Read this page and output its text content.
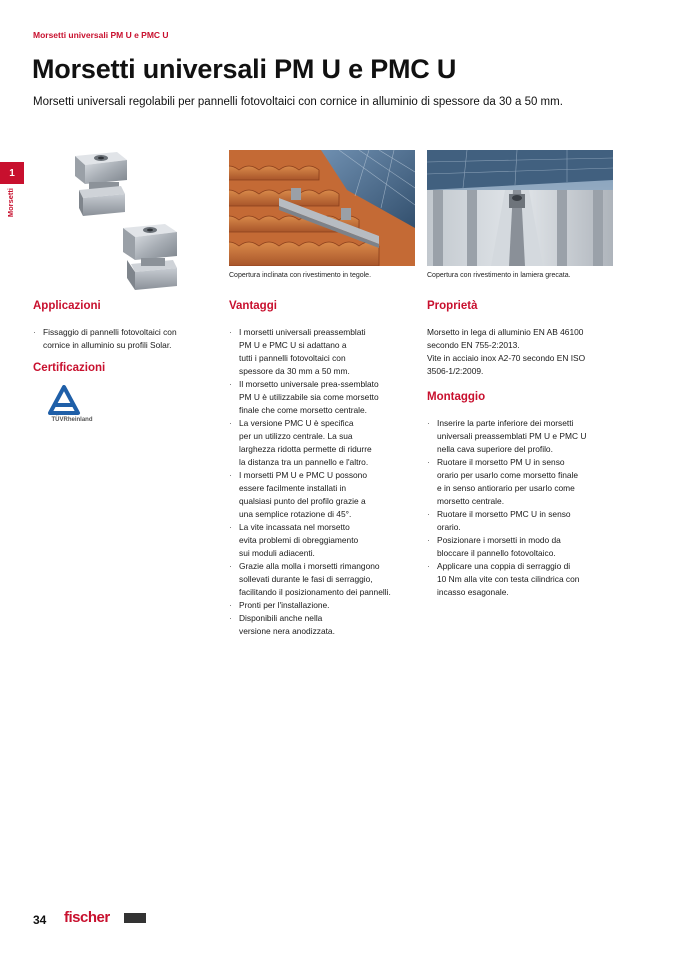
Morsetti universali PM U e PMC U
Morsetti universali PM U e PMC U

Morsetti universali regolabili per pannelli fotovoltaici con cornice in alluminio di spessore da 30 a 50 mm.

1
Morsetti
Copertura inclinata con rivestimento in tegole.	Copertura con rivestimento in lamiera grecata.
Applicazioni
· Fissaggio di pannelli fotovoltaici con
cornice in alluminio su profili Solar.
Certificazioni
TÜVRheinland
Vantaggi
· I morsetti universali preassemblati
PM U e PMC U si adattano a
tutti i pannelli fotovoltaici con
spessore da 30 mm a 50 mm.
· Il morsetto universale prea-ssemblato
PM U è utilizzabile sia come morsetto
finale che come morsetto centrale.
· La versione PMC U è specifica
per un utilizzo centrale. La sua
larghezza ridotta permette di ridurre
la distanza tra un pannello e l'altro.
· I morsetti PM U e PMC U possono
essere facilmente installati in
qualsiasi punto del profilo grazie a
una semplice rotazione di 45°.
· La vite incassata nel morsetto
evita problemi di obreggiamento
sui moduli adiacenti.
· Grazie alla molla i morsetti rimangono
sollevati durante le fasi di serraggio,
facilitando il posizionamento dei pannelli.
· Pronti per l'installazione.
· Disponibili anche nella
versione nera anodizzata.
Proprietà

Morsetto in lega di alluminio EN AB 46100
secondo EN 755-2:2013.
Vite in acciaio inox A2-70 secondo EN ISO
3506-1/2:2009.

Montaggio
· Inserire la parte inferiore dei morsetti
universali preassemblati PM U e PMC U
nella cava superiore del profilo.
· Ruotare il morsetto PM U in senso
orario per usarlo come morsetto finale
e in senso antiorario per usarlo come
morsetto centrale.
· Ruotare il morsetto PMC U in senso
orario.
· Posizionare i morsetti in modo da
bloccare il pannello fotovoltaico.
· Applicare una coppia di serraggio di
10 Nm alla vite con testa cilindrica con
incasso esagonale.
34 fischer
